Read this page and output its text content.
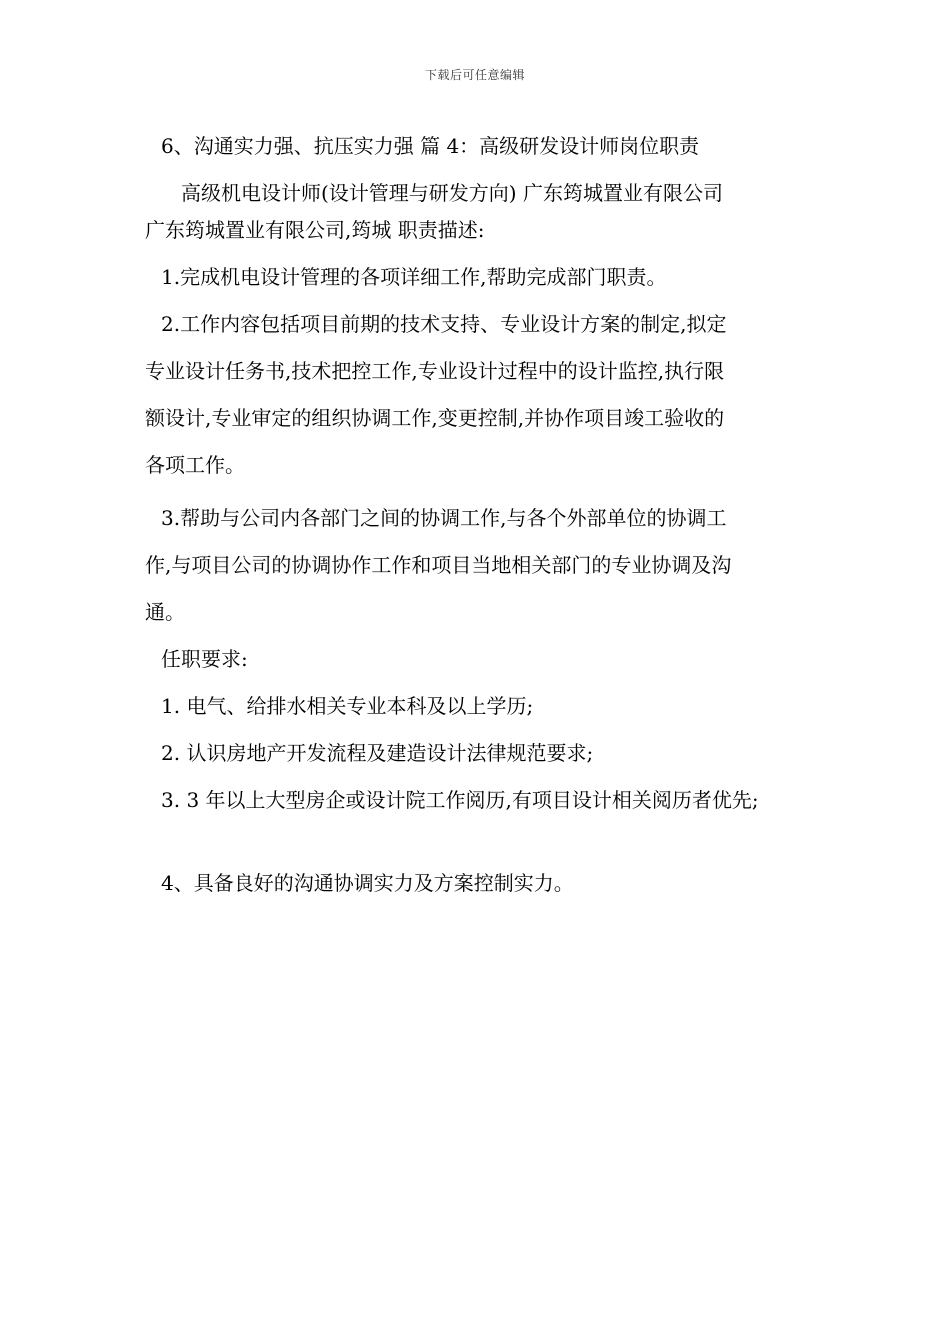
下载后可任意编辑
6、沟通实力强、抗压实力强 篇 4：高级研发设计师岗位职责
高级机电设计师(设计管理与研发方向) 广东筠城置业有限公司
广东筠城置业有限公司,筠城 职责描述:
1.完成机电设计管理的各项详细工作,帮助完成部门职责。
2.工作内容包括项目前期的技术支持、专业设计方案的制定,拟定
专业设计任务书,技术把控工作,专业设计过程中的设计监控,执行限
额设计,专业审定的组织协调工作,变更控制,并协作项目竣工验收的
各项工作。
3.帮助与公司内各部门之间的协调工作,与各个外部单位的协调工
作,与项目公司的协调协作工作和项目当地相关部门的专业协调及沟
通。
任职要求:
1. 电气、给排水相关专业本科及以上学历;
2. 认识房地产开发流程及建造设计法律规范要求;
3. 3 年以上大型房企或设计院工作阅历,有项目设计相关阅历者优先;
4、具备良好的沟通协调实力及方案控制实力。
